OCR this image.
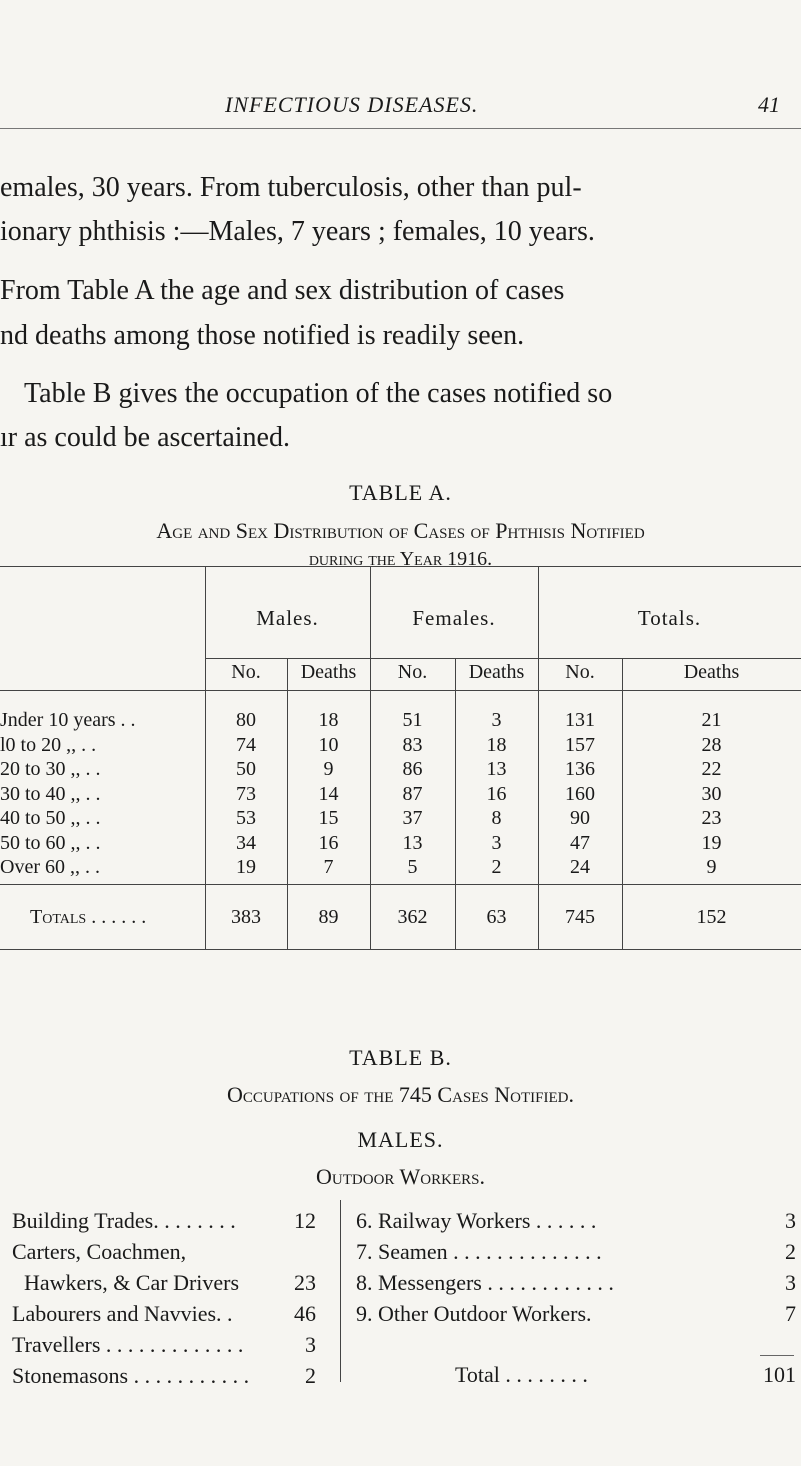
INFECTIOUS DISEASES.	41
emales, 30 years. From tuberculosis, other than pul-
ionary phthisis :—Males, 7 years ; females, 10 years.
From Table A the age and sex distribution of cases
nd deaths among those notified is readily seen.
Table B gives the occupation of the cases notified so
ır as could be ascertained.
TABLE A.
Age and Sex Distribution of Cases of Phthisis Notified
during the Year 1916.
Males.	Females.	Totals.
No.	Deaths	No.	Deaths	No.	Deaths
Jnder 10 years . .	80	18	51	3	131	21
l0 to 20 ,, . .	74	10	83	18	157	28
20 to 30 ,, . .	50	9	86	13	136	22
30 to 40 ,, . .	73	14	87	16	160	30
40 to 50 ,, . .	53	15	37	8	90	23
50 to 60 ,, . .	34	16	13	3	47	19
Over 60 ,, . .	19	7	5	2	24	9
Totals . . . . . .	383	89	362	63	745	152
TABLE B.
Occupations of the 745 Cases Notified.
MALES.
Outdoor Workers.
Building Trades. . . . . . . .	12
Carters, Coachmen,
Hawkers, & Car Drivers	23
Labourers and Navvies. .	46
Travellers . . . . . . . . . . . . .	3
Stonemasons . . . . . . . . . . .	2
6. Railway Workers . . . . . .	3
7. Seamen . . . . . . . . . . . . . .	2
8. Messengers . . . . . . . . . . . .	3
9. Other Outdoor Workers.	7
Total . . . . . . . .	101
